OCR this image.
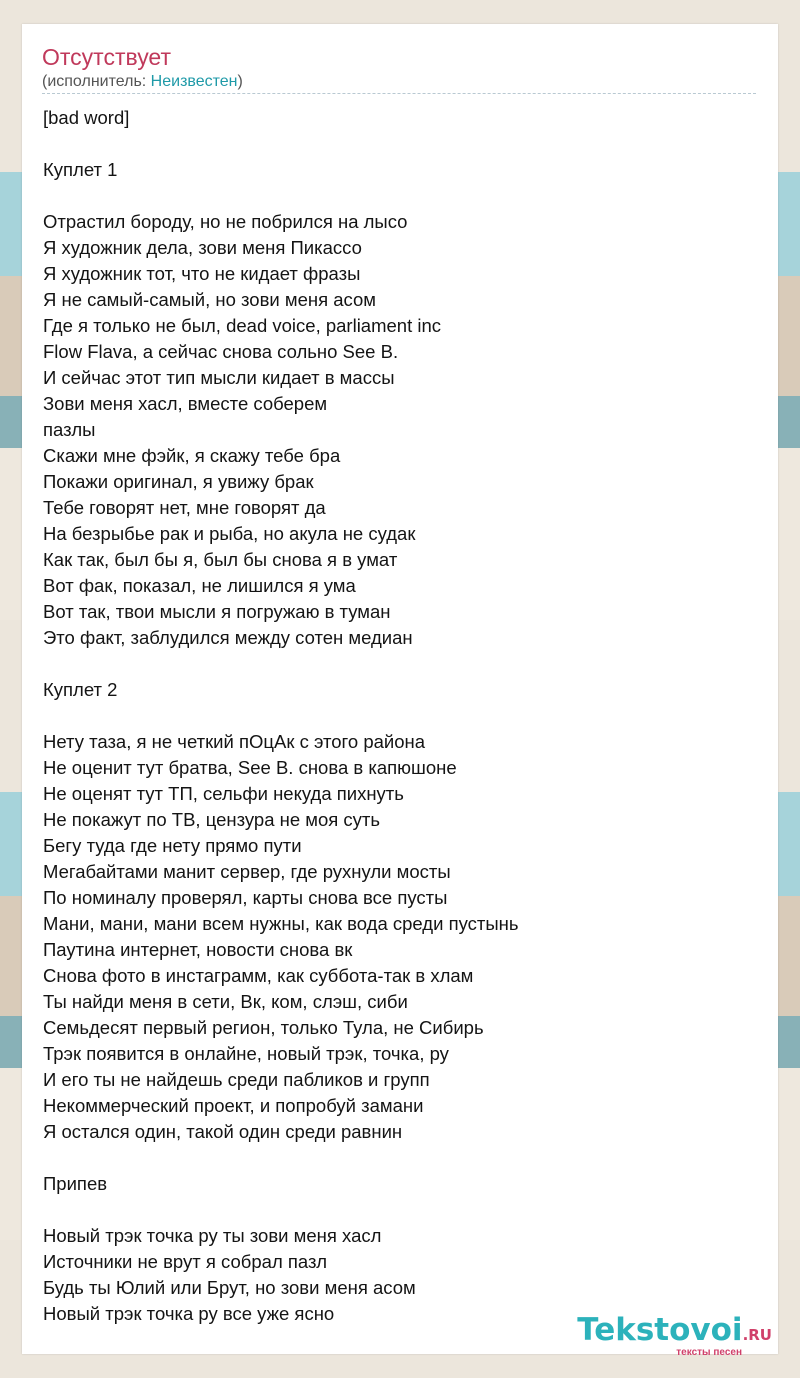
Отсутствует
(исполнитель: Неизвестен)
[bad word]
Куплет 1
Отрастил бороду, но не побрился на лысо
Я художник дела, зови меня Пикассо
Я художник тот, что не кидает фразы
Я не самый-самый, но зови меня асом
Где я только не был, dead voice, parliament inc
Flow Flava, а сейчас снова сольно See B.
И сейчас этот тип мысли кидает в массы
Зови меня хасл, вместе соберем
пазлы
Скажи мне фэйк, я скажу тебе бра
Покажи оригинал, я увижу брак
Тебе говорят нет, мне говорят да
На безрыбье рак и рыба, но акула не судак
Как так, был бы я, был бы снова я в умат
Вот фак, показал, не лишился я ума
Вот так, твои мысли я погружаю в туман
Это факт, заблудился между сотен медиан
Куплет 2
Нету таза, я не четкий пОцАк с этого района
Не оценит тут братва, See B. снова в капюшоне
Не оценят тут ТП, сельфи некуда пихнуть
Не покажут по ТВ, цензура не моя суть
Бегу туда где нету прямо пути
Мегабайтами манит сервер, где рухнули мосты
По номиналу проверял, карты снова все пусты
Мани, мани, мани всем нужны, как вода среди пустынь
Паутина интернет, новости снова вк
Снова фото в инстаграмм, как суббота-так в хлам
Ты найди меня в сети, Вк, ком, слэш, сиби
Семьдесят первый регион, только Тула, не Сибирь
Трэк появится в онлайне, новый трэк, точка, ру
И его ты не найдешь среди пабликов и групп
Некоммерческий проект, и попробуй замани
Я остался один, такой один среди равнин
Припев
Новый трэк точка ру ты зови меня хасл
Источники не врут я собрал пазл
Будь ты Юлий или Брут, но зови меня асом
Новый трэк точка ру все уже ясно	Tekstovoi.RU
тексты песен
